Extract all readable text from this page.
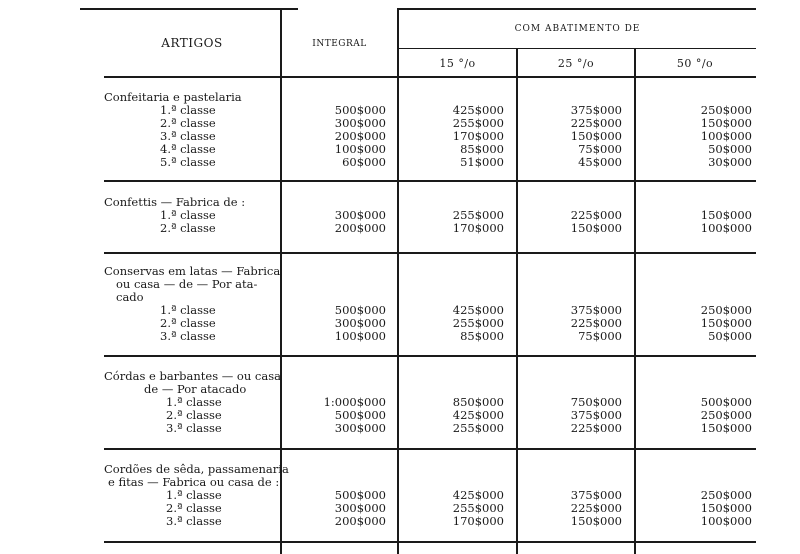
ARTIGOS	INTEGRAL
COM ABATIMENTO DE
15 °/o	25 °/o	50 °/o
Confeitaria e pastelaria
1.ª classe	500$000	425$000	375$000	250$000
2.ª classe	300$000	255$000	225$000	150$000
3.ª classe	200$000	170$000	150$000	100$000
4.ª classe	100$000	85$000	75$000	50$000
5.ª classe	60$000	51$000	45$000	30$000
Confettis — Fabrica de :
1.ª classe	300$000	255$000	225$000	150$000
2.ª classe	200$000	170$000	150$000	100$000
Conservas em latas — Fabrica
ou casa — de — Por ata-
cado
1.ª classe	500$000	425$000	375$000	250$000
2.ª classe	300$000	255$000	225$000	150$000
3.ª classe	100$000	85$000	75$000	50$000
Córdas e barbantes — ou casa
de — Por atacado
1.ª classe	1:000$000	850$000	750$000	500$000
2.ª classe	500$000	425$000	375$000	250$000
3.ª classe	300$000	255$000	225$000	150$000
Cordões de sêda, passamenaria
e fitas — Fabrica ou casa de :
1.ª classe	500$000	425$000	375$000	250$000
2.ª classe	300$000	255$000	225$000	150$000
3.ª classe	200$000	170$000	150$000	100$000
